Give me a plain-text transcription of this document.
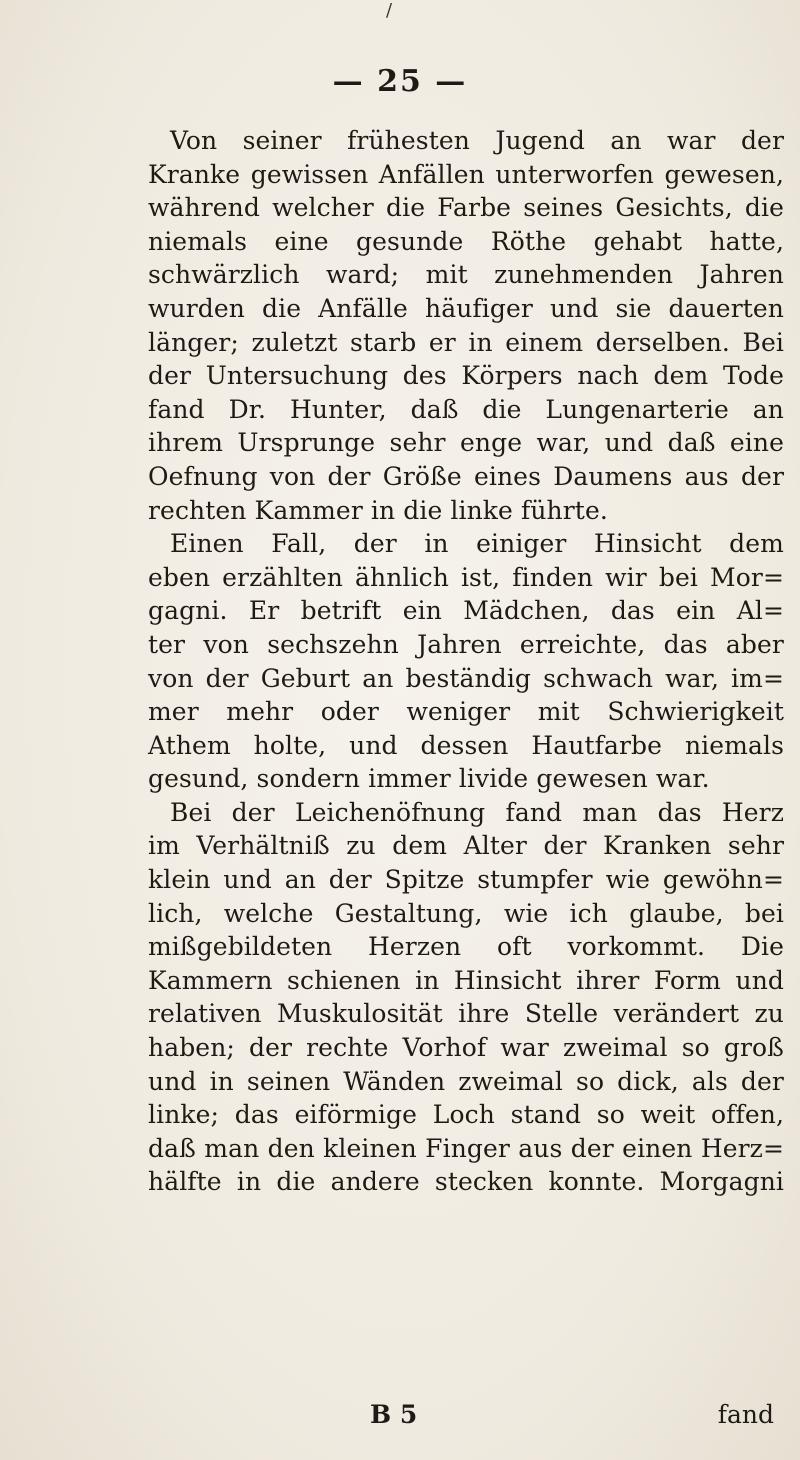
/
— 25 —
Von seiner frühesten Jugend an war der
Kranke gewissen Anfällen unterworfen gewesen,
während welcher die Farbe seines Gesichts, die
niemals eine gesunde Röthe gehabt hatte,
schwärzlich ward; mit zunehmenden Jahren
wurden die Anfälle häufiger und sie dauerten
länger; zuletzt starb er in einem derselben. Bei
der Untersuchung des Körpers nach dem Tode
fand Dr. Hunter, daß die Lungenarterie an
ihrem Ursprunge sehr enge war, und daß eine
Oefnung von der Größe eines Daumens aus der
rechten Kammer in die linke führte.
Einen Fall, der in einiger Hinsicht dem
eben erzählten ähnlich ist, finden wir bei Mor=
gagni. Er betrift ein Mädchen, das ein Al=
ter von sechszehn Jahren erreichte, das aber
von der Geburt an beständig schwach war, im=
mer mehr oder weniger mit Schwierigkeit
Athem holte, und dessen Hautfarbe niemals
gesund, sondern immer livide gewesen war.
Bei der Leichenöfnung fand man das Herz
im Verhältniß zu dem Alter der Kranken sehr
klein und an der Spitze stumpfer wie gewöhn=
lich, welche Gestaltung, wie ich glaube, bei
mißgebildeten Herzen oft vorkommt. Die
Kammern schienen in Hinsicht ihrer Form und
relativen Muskulosität ihre Stelle verändert zu
haben; der rechte Vorhof war zweimal so groß
und in seinen Wänden zweimal so dick, als der
linke; das eiförmige Loch stand so weit offen,
daß man den kleinen Finger aus der einen Herz=
hälfte in die andere stecken konnte. Morgagni
B 5	fand
